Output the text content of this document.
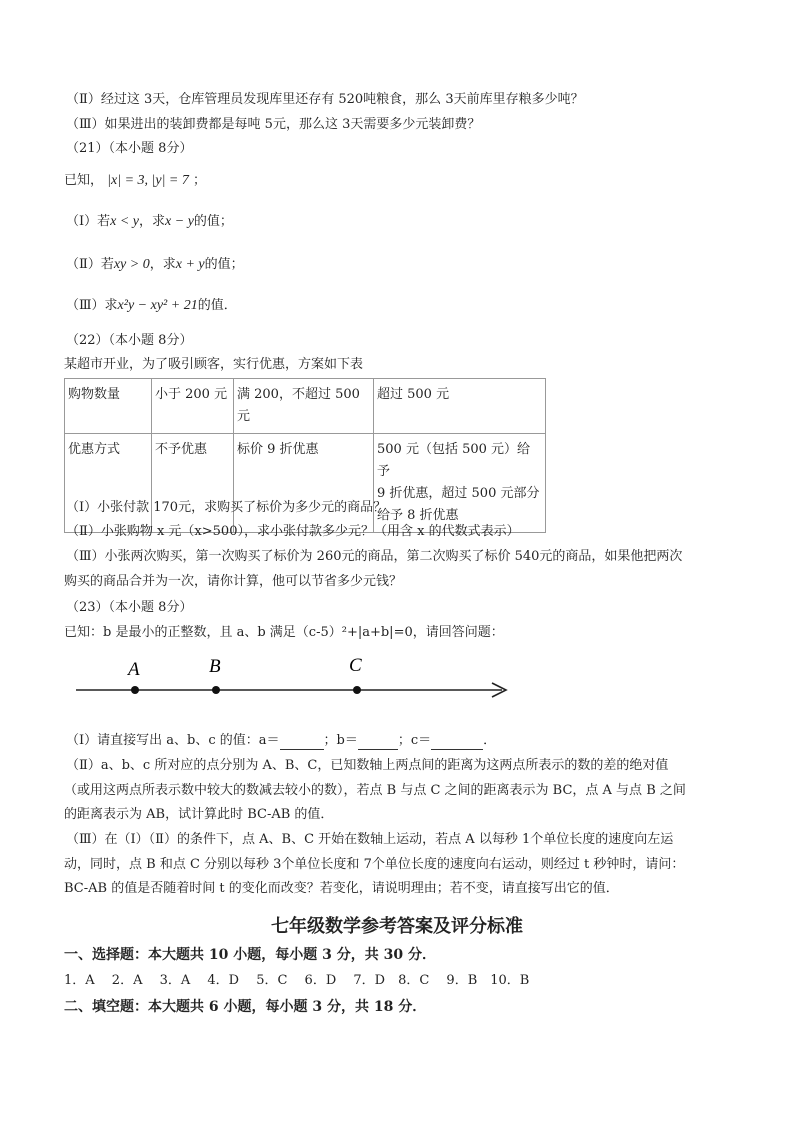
（Ⅱ）经过这 3天，仓库管理员发现库里还存有 520吨粮食，那么 3天前库里存粮多少吨？
（Ⅲ）如果进出的装卸费都是每吨 5元，那么这 3天需要多少元装卸费？
（21）（本小题 8分）
已知， |x| = 3, |y| = 7 ；
（Ⅰ）若x < y，求x − y的值；
（Ⅱ）若xy > 0，求x + y的值；
（Ⅲ）求x²y − xy² + 21的值．
（22）（本小题 8分）
某超市开业，为了吸引顾客，实行优惠，方案如下表
购物数量	小于 200 元	满 200，不超过 500 元	超过 500 元
优惠方式	不予优惠	标价 9 折优惠	500 元（包括 500 元）给予
9 折优惠，超过 500 元部分
给予 8 折优惠
（Ⅰ）小张付款 170元，求购买了标价为多少元的商品？
（Ⅱ）小张购物 x 元（x>500），求小张付款多少元？（用含 x 的代数式表示）
（Ⅲ）小张两次购买，第一次购买了标价为 260元的商品，第二次购买了标价 540元的商品，如果他把两次
购买的商品合并为一次，请你计算，他可以节省多少元钱？
（23）（本小题 8分）
已知：b 是最小的正整数，且 a、b 满足（c-5）²+|a+b|=0，请回答问题：
A	B	C
（Ⅰ）请直接写出 a、b、c 的值：a＝	；b＝	；c＝	．
（Ⅱ）a、b、c 所对应的点分别为 A、B、C，已知数轴上两点间的距离为这两点所表示的数的差的绝对值
（或用这两点所表示数中较大的数减去较小的数），若点 B 与点 C 之间的距离表示为 BC，点 A 与点 B 之间
的距离表示为 AB，试计算此时 BC-AB 的值．
（Ⅲ）在（Ⅰ）（Ⅱ）的条件下，点 A、B、C 开始在数轴上运动，若点 A 以每秒 1个单位长度的速度向左运
动，同时，点 B 和点 C 分别以每秒 3个单位长度和 7个单位长度的速度向右运动，则经过 t 秒钟时，请问：
BC-AB 的值是否随着时间 t 的变化而改变？若变化，请说明理由；若不变，请直接写出它的值．
七年级数学参考答案及评分标准
一、选择题：本大题共 10 小题，每小题 3 分，共 30 分．
1．A　 2．A　 3．A　 4．D　 5．C　 6．D　 7．D　8．C　 9．B　10．B
二、填空题：本大题共 6 小题，每小题 3 分，共 18 分．
